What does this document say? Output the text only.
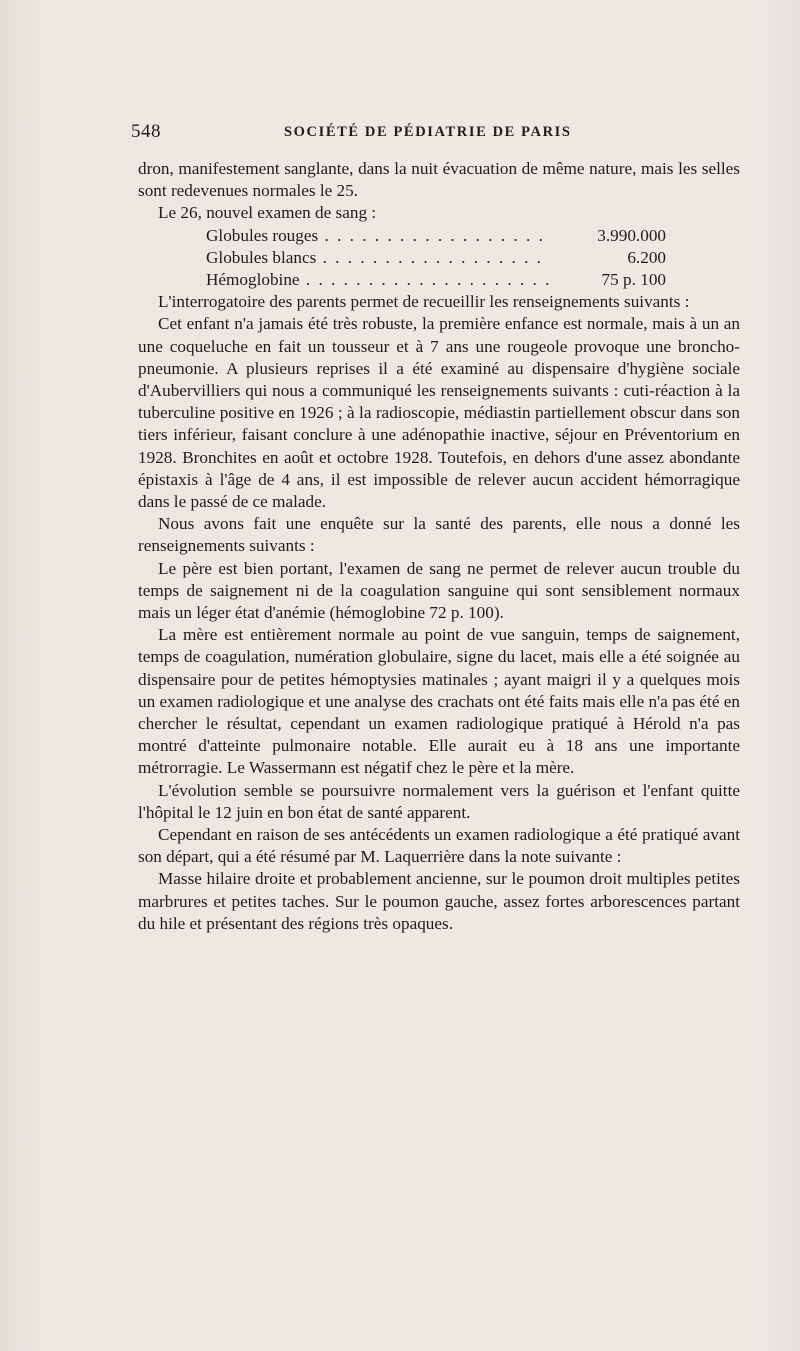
548	SOCIÉTÉ DE PÉDIATRIE DE PARIS

dron, manifestement sanglante, dans la nuit évacuation de même nature, mais les selles sont redevenues normales le 25.

Le 26, nouvel examen de sang :

Globules rouges . . .	3.990.000
Globules blancs . . .	6.200
Hémoglobine . . .	75 p. 100

L'interrogatoire des parents permet de recueillir les renseignements suivants :

Cet enfant n'a jamais été très robuste, la première enfance est normale, mais à un an une coqueluche en fait un tousseur et à 7 ans une rougeole provoque une broncho-pneumonie. A plusieurs reprises il a été examiné au dispensaire d'hygiène sociale d'Aubervilliers qui nous a communiqué les renseignements suivants : cuti-réaction à la tuberculine positive en 1926 ; à la radioscopie, médiastin partiellement obscur dans son tiers inférieur, faisant conclure à une adénopathie inactive, séjour en Préventorium en 1928. Bronchites en août et octobre 1928. Toutefois, en dehors d'une assez abondante épistaxis à l'âge de 4 ans, il est impossible de relever aucun accident hémorragique dans le passé de ce malade.

Nous avons fait une enquête sur la santé des parents, elle nous a donné les renseignements suivants :

Le père est bien portant, l'examen de sang ne permet de relever aucun trouble du temps de saignement ni de la coagulation sanguine qui sont sensiblement normaux mais un léger état d'anémie (hémoglobine 72 p. 100).

La mère est entièrement normale au point de vue sanguin, temps de saignement, temps de coagulation, numération globulaire, signe du lacet, mais elle a été soignée au dispensaire pour de petites hémoptysies matinales ; ayant maigri il y a quelques mois un examen radiologique et une analyse des crachats ont été faits mais elle n'a pas été en chercher le résultat, cependant un examen radiologique pratiqué à Hérold n'a pas montré d'atteinte pulmonaire notable. Elle aurait eu à 18 ans une importante métrorragie. Le Wassermann est négatif chez le père et la mère.

L'évolution semble se poursuivre normalement vers la guérison et l'enfant quitte l'hôpital le 12 juin en bon état de santé apparent.

Cependant en raison de ses antécédents un examen radiologique a été pratiqué avant son départ, qui a été résumé par M. Laquerrière dans la note suivante :

Masse hilaire droite et probablement ancienne, sur le poumon droit multiples petites marbrures et petites taches. Sur le poumon gauche, assez fortes arborescences partant du hile et présentant des régions très opaques.
